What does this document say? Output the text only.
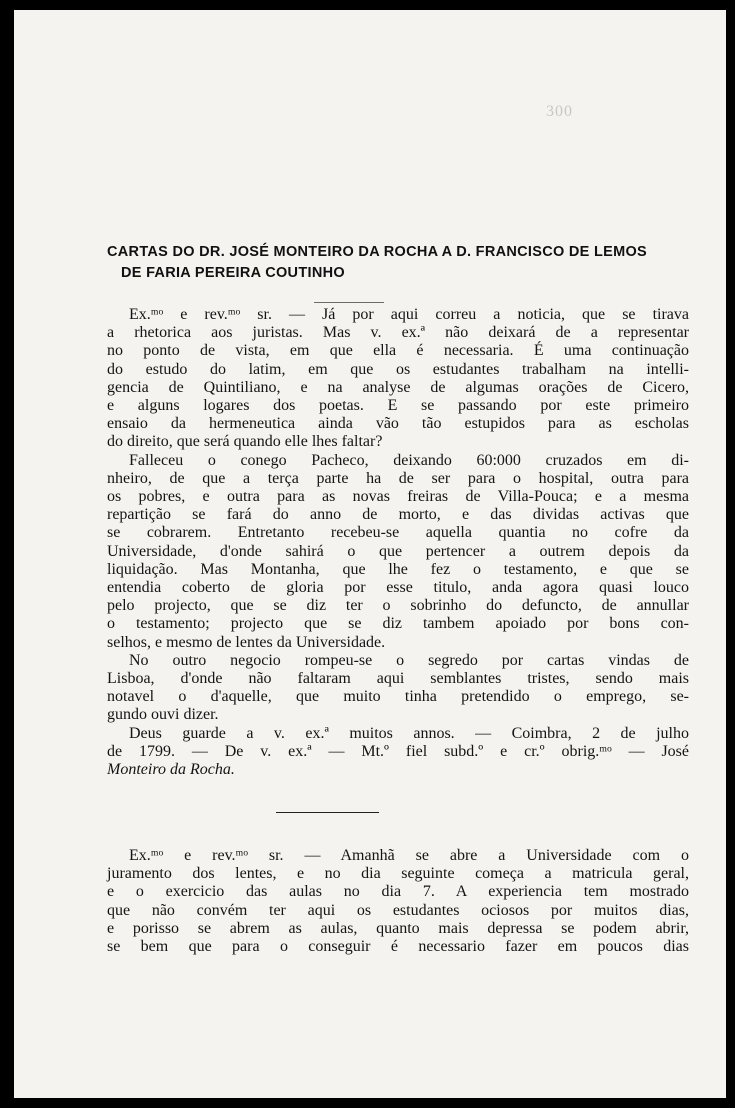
300
CARTAS DO DR. JOSÉ MONTEIRO DA ROCHA A D. FRANCISCO DE LEMOS
DE FARIA PEREIRA COUTINHO
Ex.ᵐᵒ e rev.ᵐᵒ sr. — Já por aqui correu a noticia, que se tirava
a rhetorica aos juristas. Mas v. ex.ª não deixará de a representar
no ponto de vista, em que ella é necessaria. É uma continuação
do estudo do latim, em que os estudantes trabalham na intelli-
gencia de Quintiliano, e na analyse de algumas orações de Cicero,
e alguns logares dos poetas. E se passando por este primeiro
ensaio da hermeneutica ainda vão tão estupidos para as escholas
do direito, que será quando elle lhes faltar?
Falleceu o conego Pacheco, deixando 60:000 cruzados em di-
nheiro, de que a terça parte ha de ser para o hospital, outra para
os pobres, e outra para as novas freiras de Villa-Pouca; e a mesma
repartição se fará do anno de morto, e das dividas activas que
se cobrarem. Entretanto recebeu-se aquella quantia no cofre da
Universidade, d'onde sahirá o que pertencer a outrem depois da
liquidação. Mas Montanha, que lhe fez o testamento, e que se
entendia coberto de gloria por esse titulo, anda agora quasi louco
pelo projecto, que se diz ter o sobrinho do defuncto, de annullar
o testamento; projecto que se diz tambem apoiado por bons con-
selhos, e mesmo de lentes da Universidade.
No outro negocio rompeu-se o segredo por cartas vindas de
Lisboa, d'onde não faltaram aqui semblantes tristes, sendo mais
notavel o d'aquelle, que muito tinha pretendido o emprego, se-
gundo ouvi dizer.
Deus guarde a v. ex.ª muitos annos. — Coimbra, 2 de julho
de 1799. — De v. ex.ª — Mt.º fiel subd.º e cr.º obrig.ᵐᵒ — José
Monteiro da Rocha.
Ex.ᵐᵒ e rev.ᵐᵒ sr. — Amanhã se abre a Universidade com o
juramento dos lentes, e no dia seguinte começa a matricula geral,
e o exercicio das aulas no dia 7. A experiencia tem mostrado
que não convém ter aqui os estudantes ociosos por muitos dias,
e porisso se abrem as aulas, quanto mais depressa se podem abrir,
se bem que para o conseguir é necessario fazer em poucos dias
